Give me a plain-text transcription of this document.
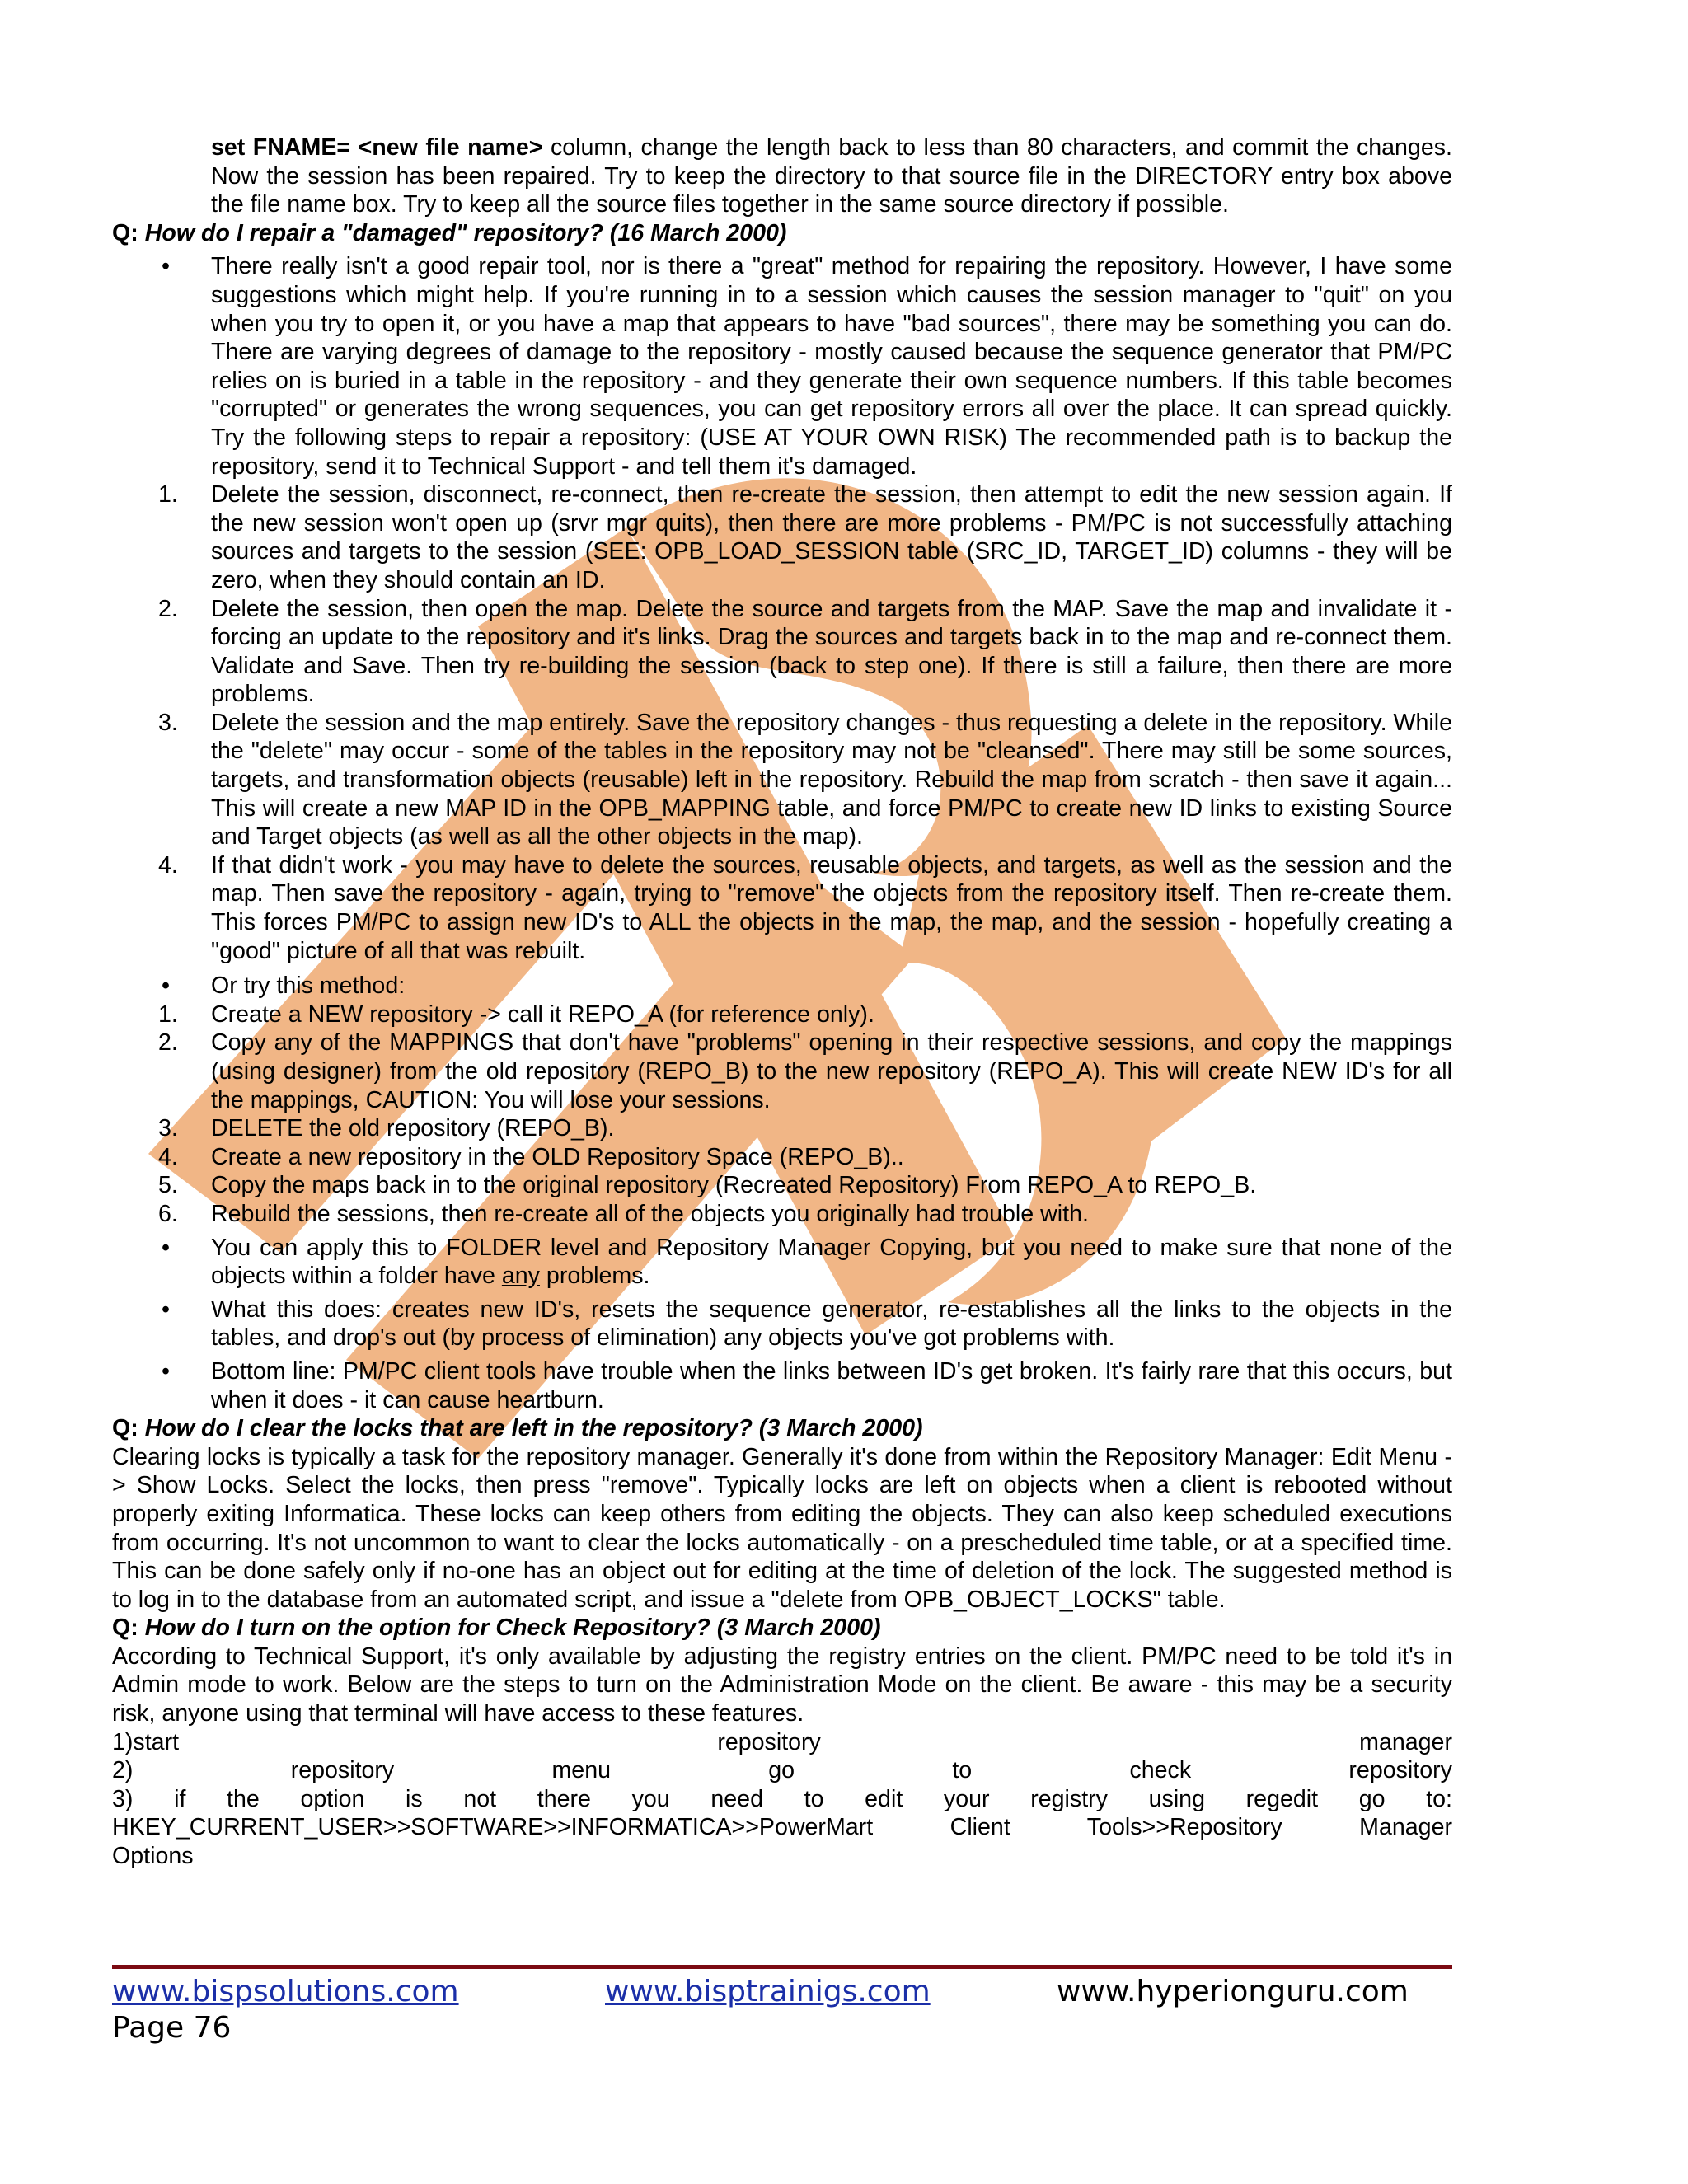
set FNAME= <new file name> column, change the length back to less than 80 characters, and commit the changes. Now the session has been repaired. Try to keep the directory to that source file in the DIRECTORY entry box above the file name box. Try to keep all the source files together in the same source directory if possible.

Q: How do I repair a "damaged" repository? (16 March 2000)

•	There really isn't a good repair tool, nor is there a "great" method for repairing the repository. However, I have some suggestions which might help. If you're running in to a session which causes the session manager to "quit" on you when you try to open it, or you have a map that appears to have "bad sources", there may be something you can do. There are varying degrees of damage to the repository - mostly caused because the sequence generator that PM/PC relies on is buried in a table in the repository - and they generate their own sequence numbers. If this table becomes "corrupted" or generates the wrong sequences, you can get repository errors all over the place. It can spread quickly. Try the following steps to repair a repository: (USE AT YOUR OWN RISK) The recommended path is to backup the repository, send it to Technical Support - and tell them it's damaged.
1.	Delete the session, disconnect, re-connect, then re-create the session, then attempt to edit the new session again. If the new session won't open up (srvr mgr quits), then there are more problems - PM/PC is not successfully attaching sources and targets to the session (SEE: OPB_LOAD_SESSION table (SRC_ID, TARGET_ID) columns - they will be zero, when they should contain an ID.
2.	Delete the session, then open the map. Delete the source and targets from the MAP. Save the map and invalidate it - forcing an update to the repository and it's links. Drag the sources and targets back in to the map and re-connect them. Validate and Save. Then try re-building the session (back to step one). If there is still a failure, then there are more problems.
3.	Delete the session and the map entirely. Save the repository changes - thus requesting a delete in the repository. While the "delete" may occur - some of the tables in the repository may not be "cleansed". There may still be some sources, targets, and transformation objects (reusable) left in the repository. Rebuild the map from scratch - then save it again... This will create a new MAP ID in the OPB_MAPPING table, and force PM/PC to create new ID links to existing Source and Target objects (as well as all the other objects in the map).
4.	If that didn't work - you may have to delete the sources, reusable objects, and targets, as well as the session and the map. Then save the repository - again, trying to "remove" the objects from the repository itself. Then re-create them. This forces PM/PC to assign new ID's to ALL the objects in the map, the map, and the session - hopefully creating a "good" picture of all that was rebuilt.
•	Or try this method:
1.	Create a NEW repository -> call it REPO_A (for reference only).
2.	Copy any of the MAPPINGS that don't have "problems" opening in their respective sessions, and copy the mappings (using designer) from the old repository (REPO_B) to the new repository (REPO_A). This will create NEW ID's for all the mappings, CAUTION: You will lose your sessions.
3.	DELETE the old repository (REPO_B).
4.	Create a new repository in the OLD Repository Space (REPO_B)..
5.	Copy the maps back in to the original repository (Recreated Repository) From REPO_A to REPO_B.
6.	Rebuild the sessions, then re-create all of the objects you originally had trouble with.
•	You can apply this to FOLDER level and Repository Manager Copying, but you need to make sure that none of the objects within a folder have any problems.
•	What this does: creates new ID's, resets the sequence generator, re-establishes all the links to the objects in the tables, and drop's out (by process of elimination) any objects you've got problems with.
•	Bottom line: PM/PC client tools have trouble when the links between ID's get broken. It's fairly rare that this occurs, but when it does - it can cause heartburn.

Q: How do I clear the locks that are left in the repository? (3 March 2000)

Clearing locks is typically a task for the repository manager. Generally it's done from within the Repository Manager: Edit Menu -> Show Locks. Select the locks, then press "remove". Typically locks are left on objects when a client is rebooted without properly exiting Informatica. These locks can keep others from editing the objects. They can also keep scheduled executions from occurring. It's not uncommon to want to clear the locks automatically - on a prescheduled time table, or at a specified time. This can be done safely only if no-one has an object out for editing at the time of deletion of the lock. The suggested method is to log in to the database from an automated script, and issue a "delete from OPB_OBJECT_LOCKS" table.

Q: How do I turn on the option for Check Repository? (3 March 2000)

According to Technical Support, it's only available by adjusting the registry entries on the client. PM/PC need to be told it's in Admin mode to work. Below are the steps to turn on the Administration Mode on the client. Be aware - this may be a security risk, anyone using that terminal will have access to these features.

1)start	repository	manager
2)	repository	menu	go	to	check	repository

3) if the option is not there you need to edit your registry using regedit go to: HKEY_CURRENT_USER>>SOFTWARE>>INFORMATICA>>PowerMart Client Tools>>Repository Manager

Options

www.bispsolutions.com	www.bisptrainigs.com	www.hyperionguru.com
Page 76
